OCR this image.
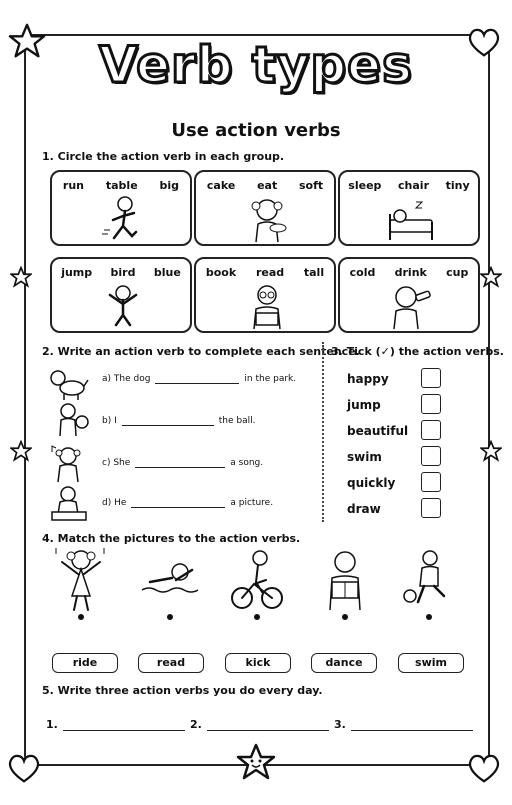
Verb types
Use action verbs
1. Circle the action verb in each group.
run table big	cake eat soft sleep chair tiny
jump bird blue book read tall cold drink cup
2. Write an action verb to complete each sentence.
a) The dog	in the park.
b) I	the ball.
c) She	a song.
d) He	a picture.
3. Tick (✓) the action verbs.
happy
jump
beautiful
swim
quickly
draw
4. Match the pictures to the action verbs.
ride	read	kick	dance	swim
5. Write three action verbs you do every day.
1.	2.	3.
